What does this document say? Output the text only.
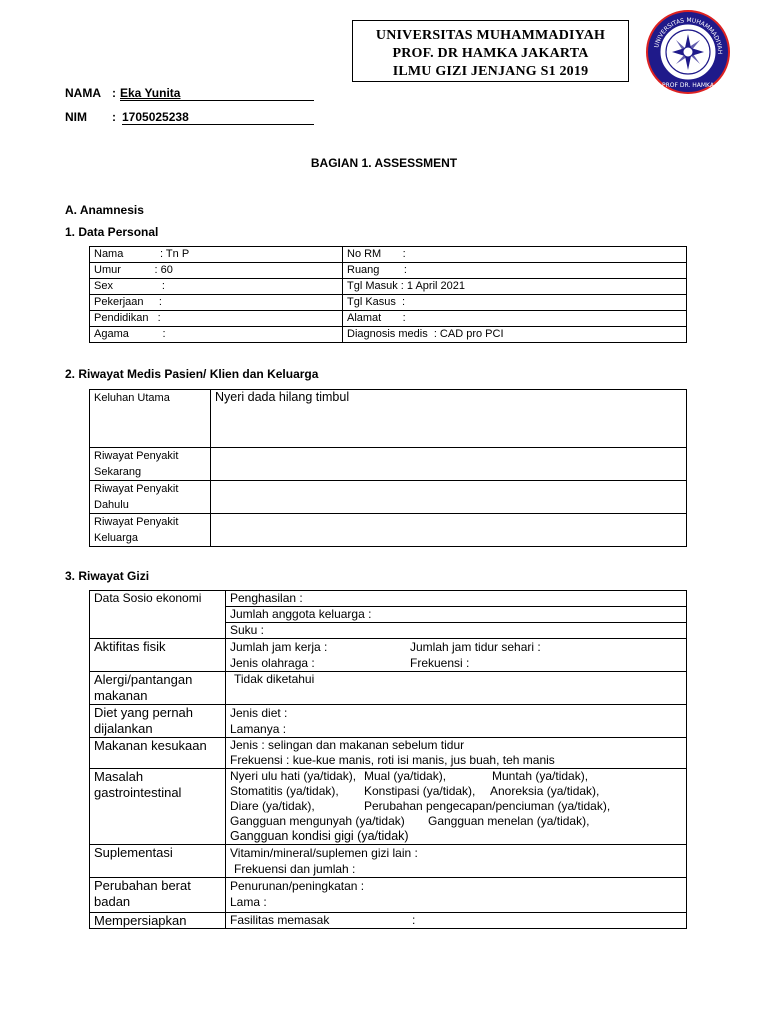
UNIVERSITAS MUHAMMADIYAH
PROF. DR HAMKA JAKARTA
ILMU GIZI JENJANG S1 2019
UNIVERSITAS MUHAMMADIYAH
PROF DR. HAMKA
NAMA : Eka Yunita
NIM : 1705025238
BAGIAN 1. ASSESSMENT
A. Anamnesis
1. Data Personal
Nama            : Tn P	No RM       :
Umur           : 60	Ruang        :
Sex                :	Tgl Masuk : 1 April 2021
Pekerjaan     :	Tgl Kasus  :
Pendidikan   :	Alamat       :
Agama           :	Diagnosis medis  : CAD pro PCI
2. Riwayat Medis Pasien/ Klien dan Keluarga
Keluhan Utama	Nyeri dada hilang timbul
Riwayat Penyakit Sekarang	
Riwayat Penyakit Dahulu	
Riwayat Penyakit Keluarga	
3. Riwayat Gizi
Data Sosio ekonomi	Penghasilan :
	Jumlah anggota keluarga :
	Suku :
Aktifitas fisik	Jumlah jam kerja : Jumlah jam tidur sehari :
Jenis olahraga : Frekuensi :

Alergi/pantangan makanan	Tidak diketahui
Diet yang pernah dijalankan	Jenis diet :
Lamanya :

Makanan kesukaan	Jenis : selingan dan makanan sebelum tidur
Frekuensi : kue-kue manis, roti isi manis, jus buah, teh manis

Masalah gastrointestinal	Nyeri ulu hati (ya/tidak), Mual (ya/tidak), Muntah (ya/tidak),
Stomatitis (ya/tidak), Konstipasi (ya/tidak), Anoreksia (ya/tidak),
Diare (ya/tidak), Perubahan pengecapan/penciuman (ya/tidak),
Gangguan mengunyah (ya/tidak) Gangguan menelan (ya/tidak),
Gangguan kondisi gigi (ya/tidak)

Suplementasi	Vitamin/mineral/suplemen gizi lain :
Frekuensi dan jumlah :

Perubahan berat badan	Penurunan/peningkatan :
Lama :

Mempersiapkan	Fasilitas memasak :
